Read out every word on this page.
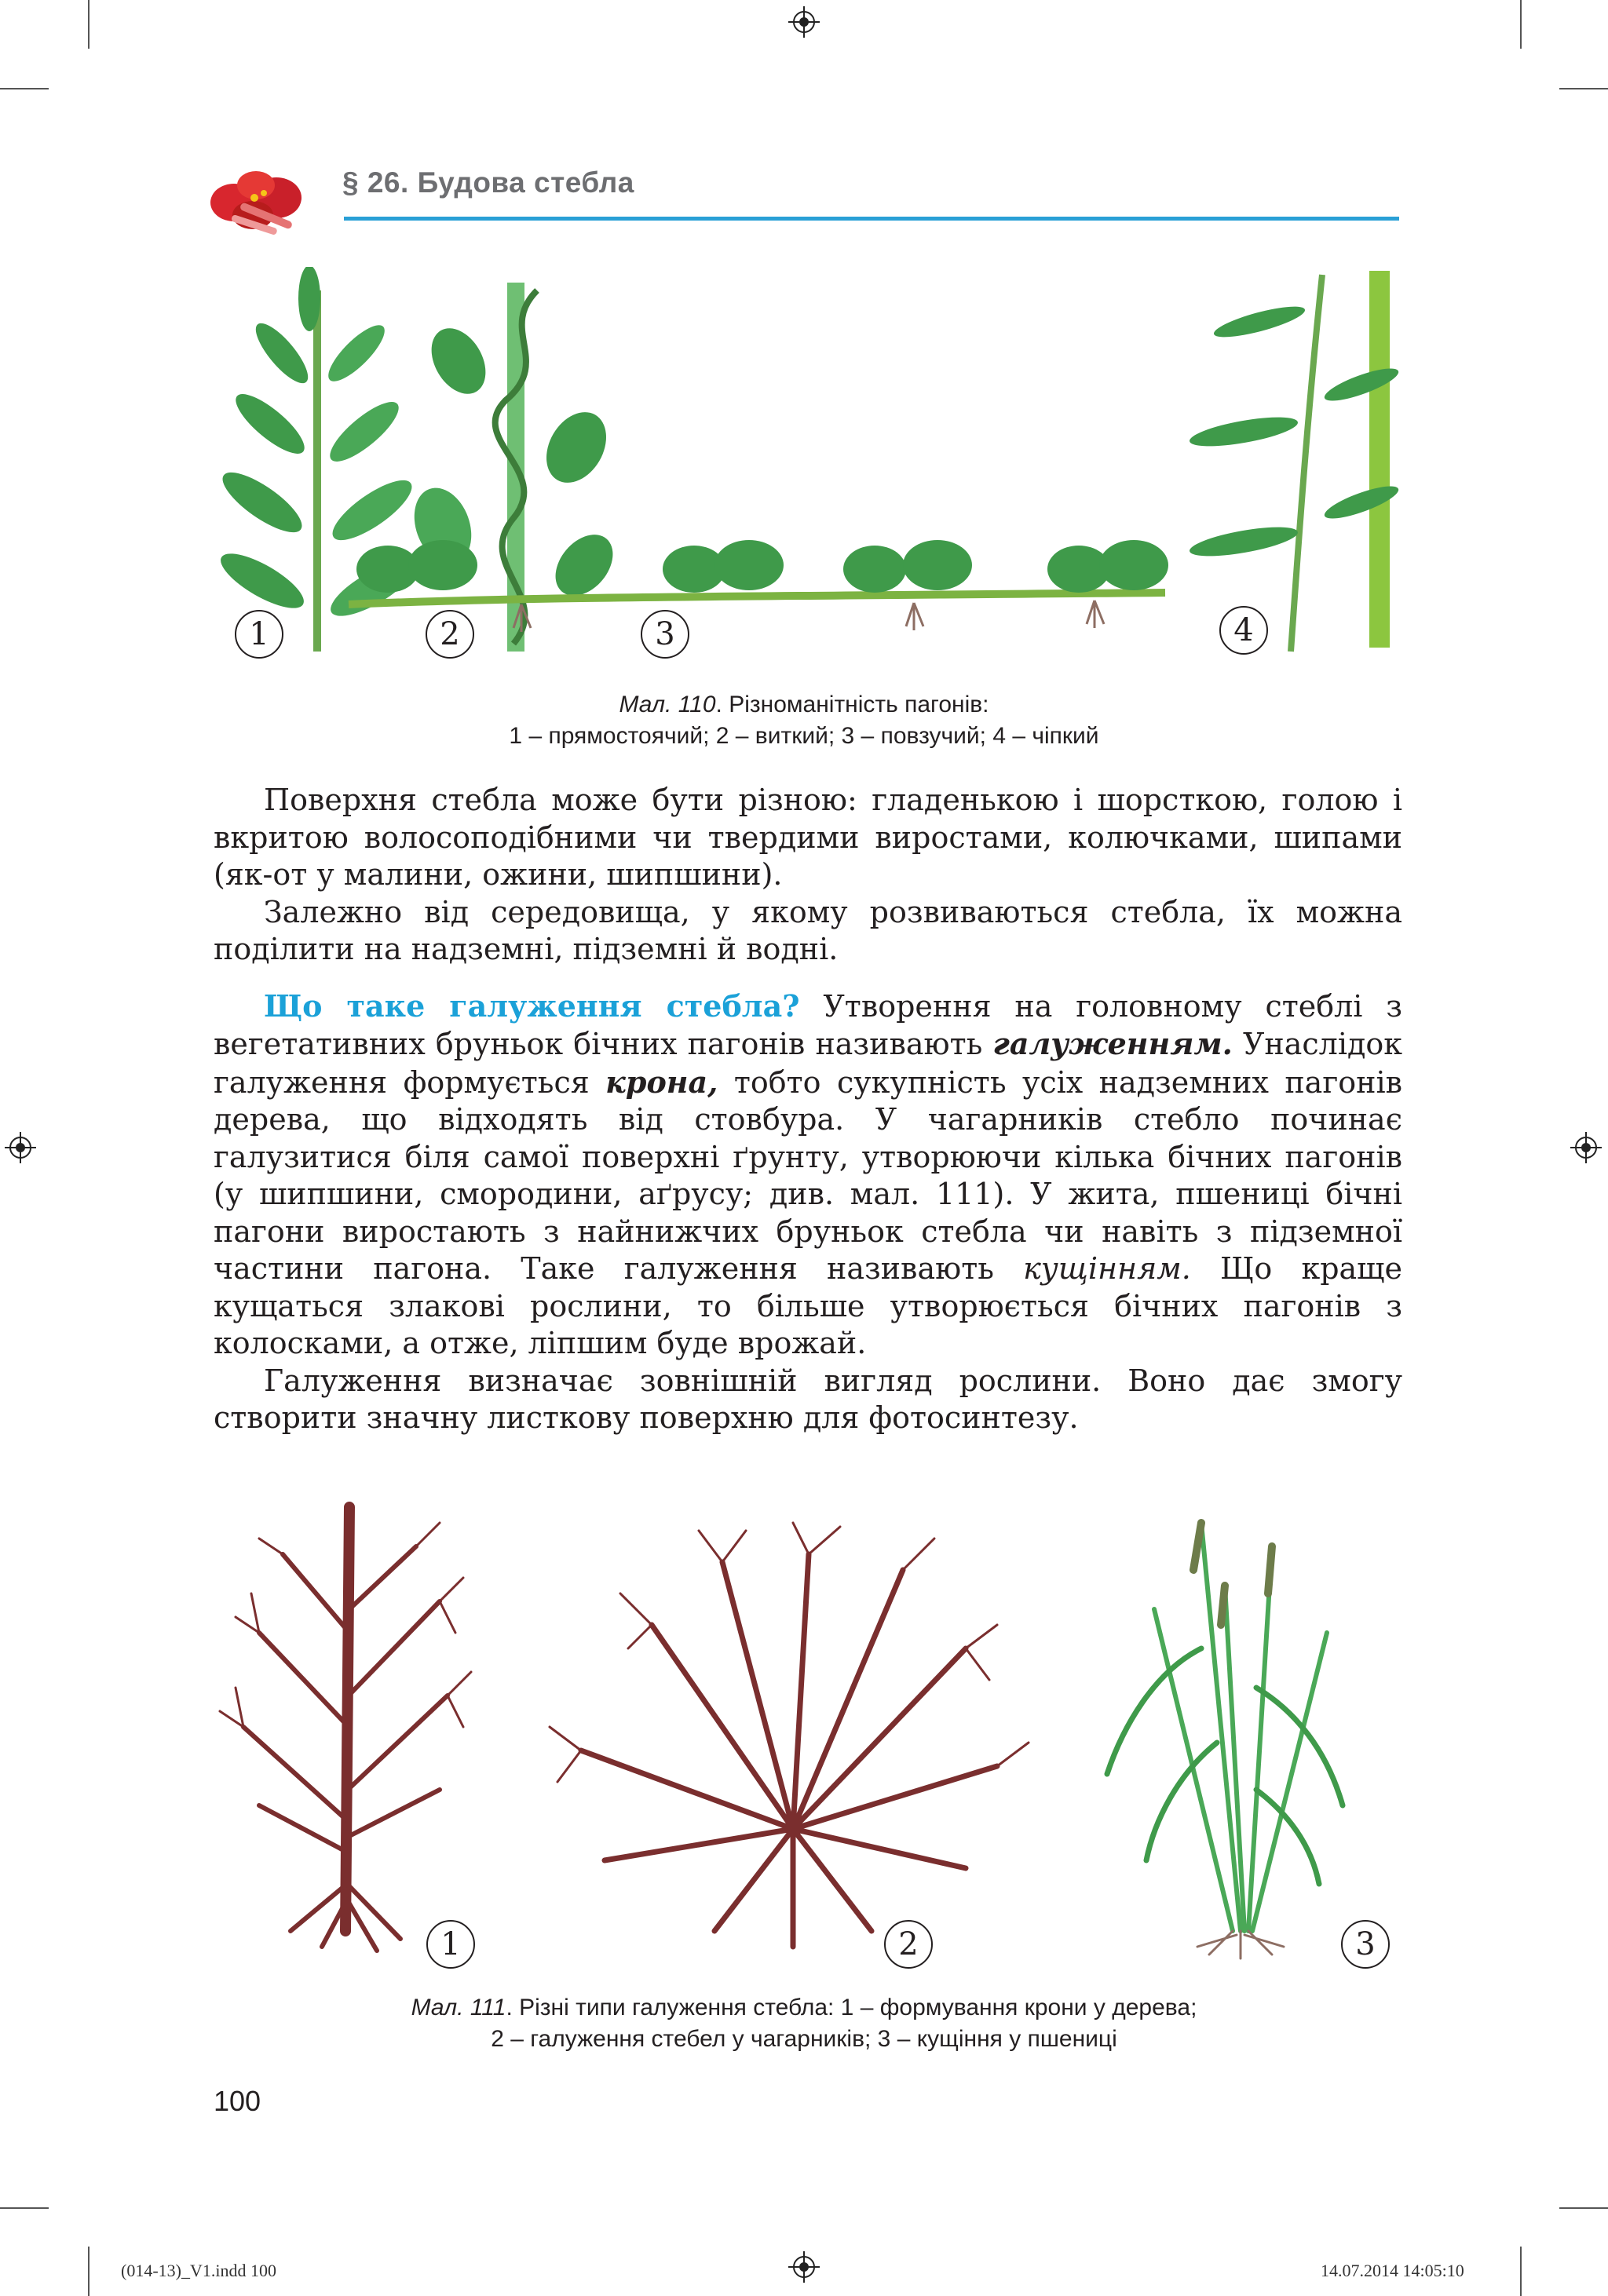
§ 26. Будова стебла
1	2	3	4
Мал. 110. Різноманітність пагонів:
1 – прямостоячий; 2 – виткий; 3 – повзучий; 4 – чіпкий

Поверхня стебла може бути різною: гладенькою і шорсткою, голою і вкритою волосоподібними чи твердими виростами, колючками, шипами (як-от у малини, ожини, шипшини).

Залежно від середовища, у якому розвиваються стебла, їх можна поділити на надземні, підземні й водні.

Що таке галуження стебла? Утворення на головному стеблі з вегетативних бруньок бічних пагонів називають галуженням. Унаслідок галуження формується крона, тобто сукупність усіх надземних пагонів дерева, що відходять від стовбура. У чагарників стебло починає галузитися біля самої поверхні ґрунту, утворюючи кілька бічних пагонів (у шипшини, смородини, аґрусу; див. мал. 111). У жита, пшениці бічні пагони виростають з найнижчих бруньок стебла чи навіть з підземної частини пагона. Таке галуження називають кущінням. Що краще кущаться злакові рослини, то більше утворюється бічних пагонів з колосками, а отже, ліпшим буде врожай.

Галуження визначає зовнішній вигляд рослини. Воно дає змогу створити значну листкову поверхню для фотосинтезу.

1	2	3
Мал. 111. Різні типи галуження стебла: 1 – формування крони у дерева;
2 – галуження стебел у чагарників; 3 – кущіння у пшениці
100
(014-13)_V1.indd 100	14.07.2014 14:05:10
